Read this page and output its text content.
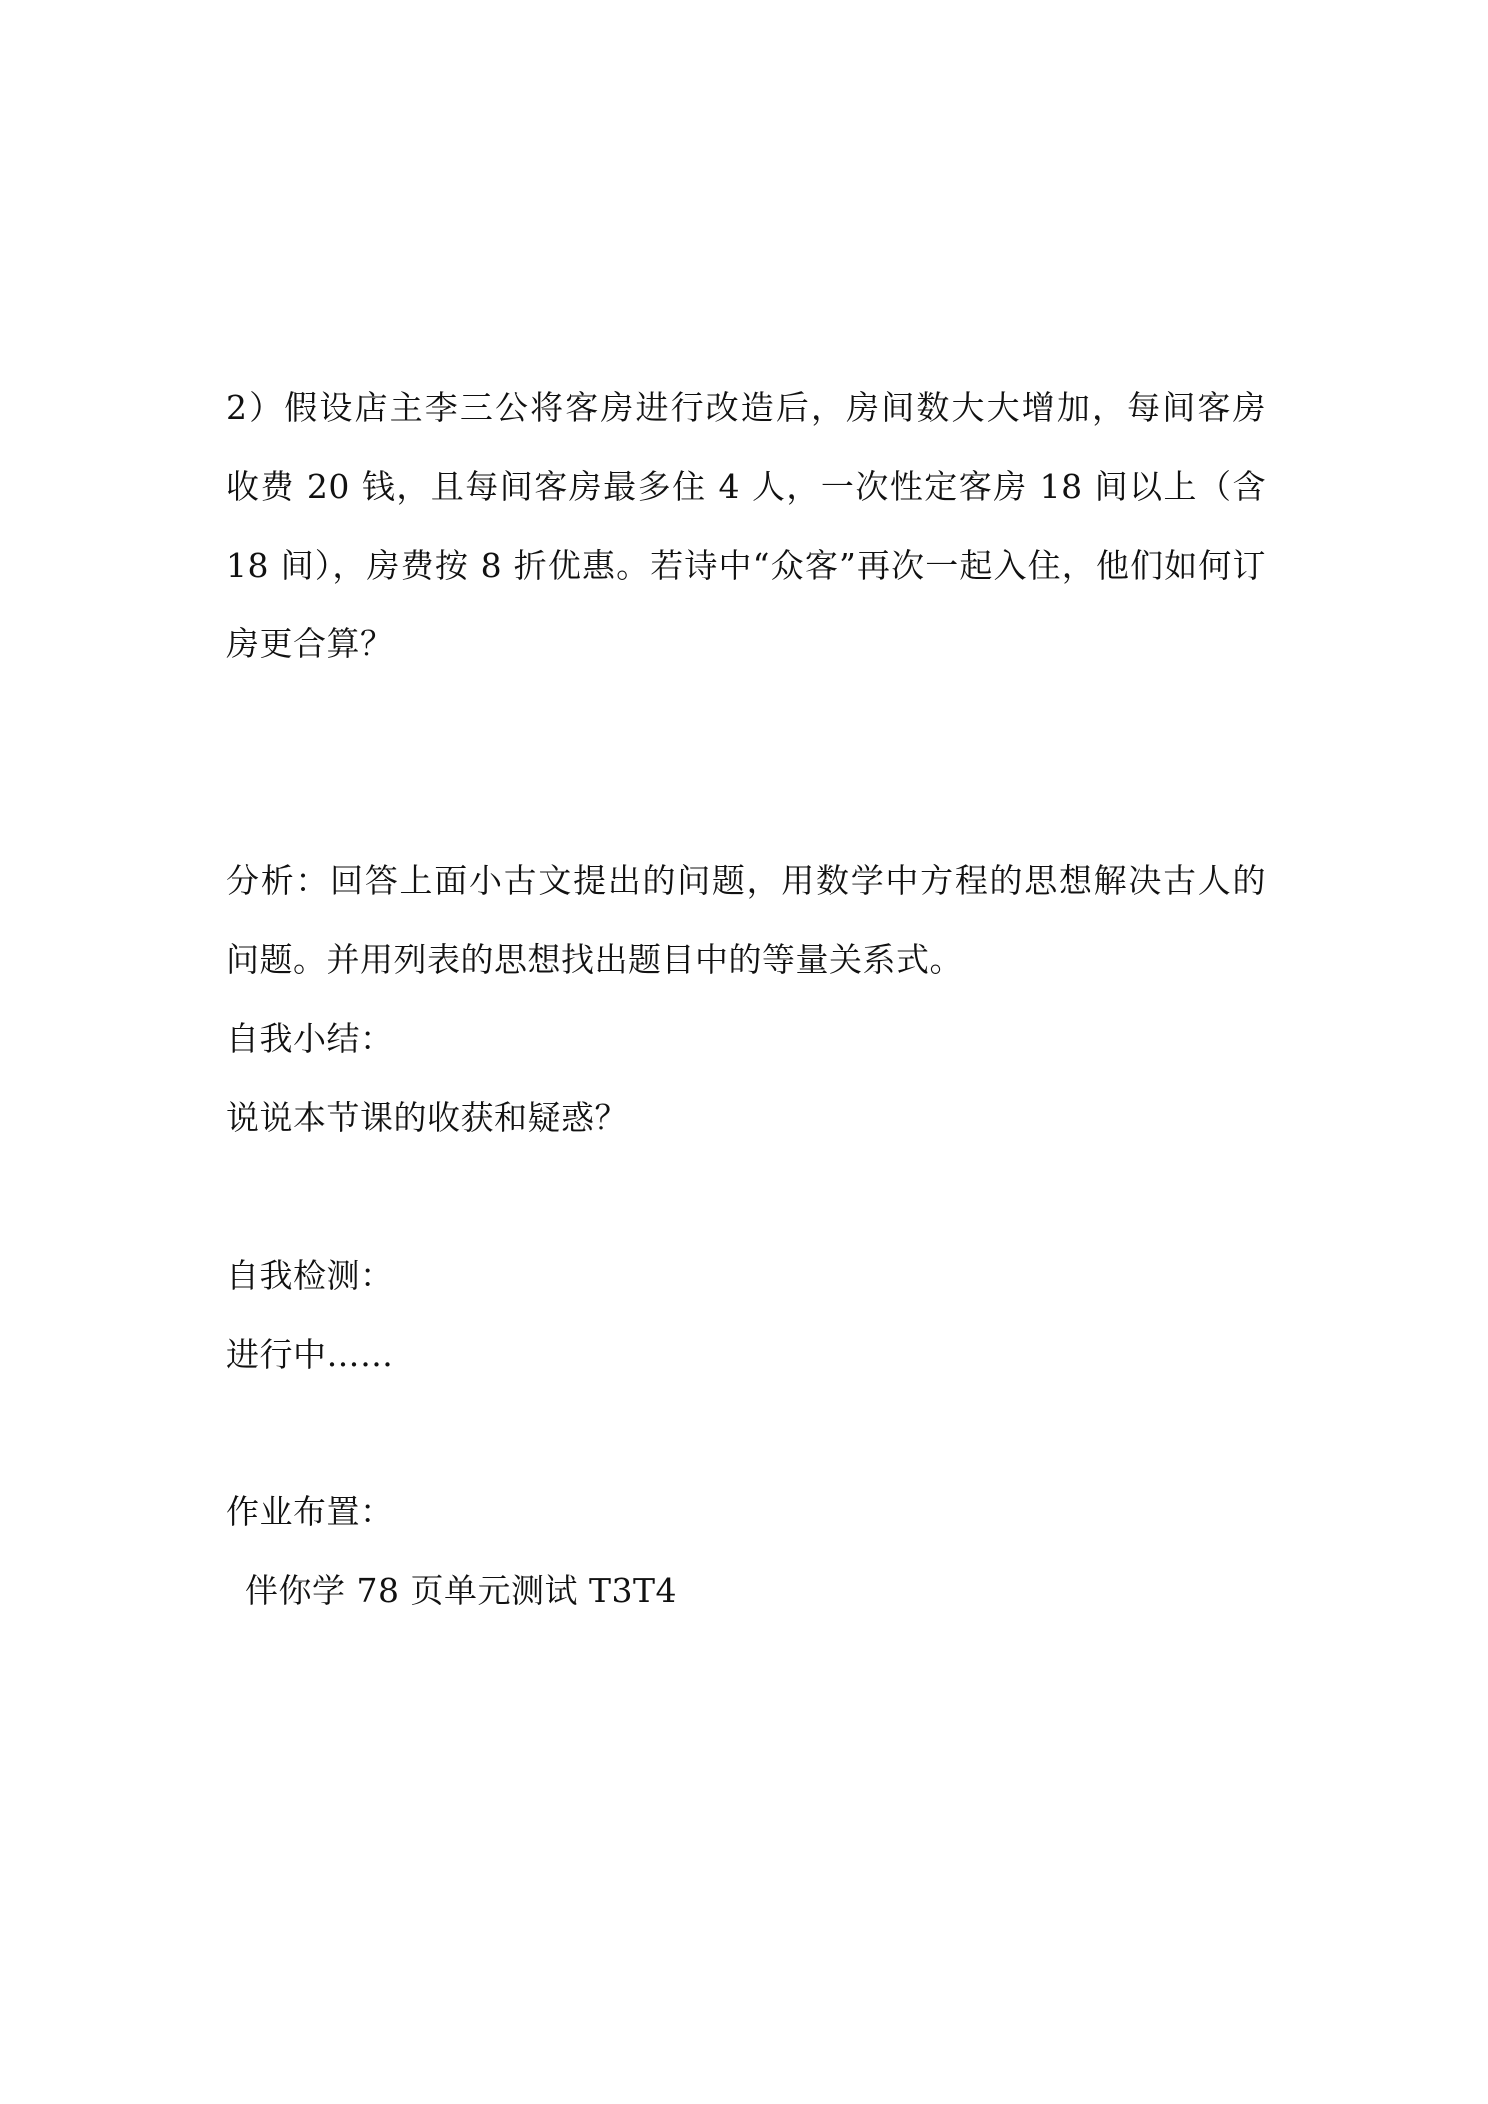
2）假设店主李三公将客房进行改造后，房间数大大增加，每间客房
收费 20 钱，且每间客房最多住 4 人，一次性定客房 18 间以上（含
18 间），房费按 8 折优惠。若诗中“众客”再次一起入住，他们如何订
房更合算？
分析：回答上面小古文提出的问题，用数学中方程的思想解决古人的
问题。并用列表的思想找出题目中的等量关系式。
自我小结：
说说本节课的收获和疑惑？
自我检测：
进行中……
作业布置：
伴你学 78 页单元测试 T3T4
